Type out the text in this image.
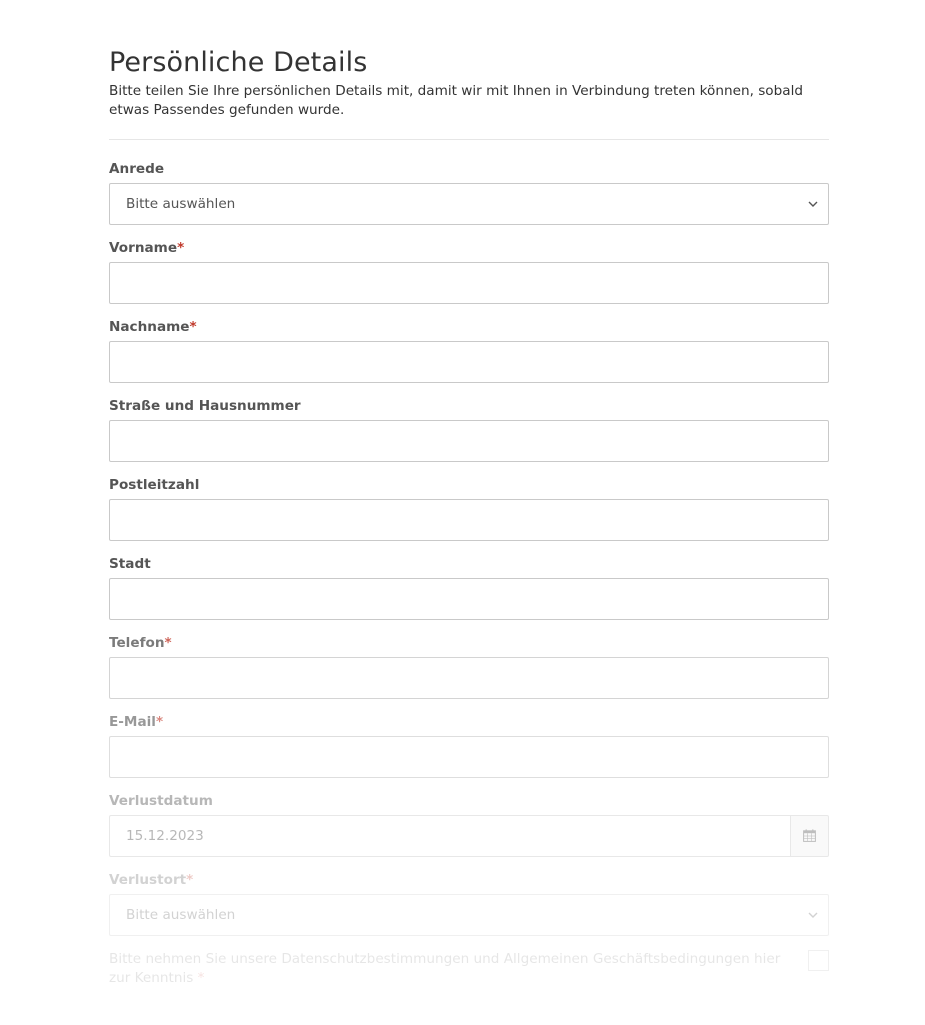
Persönliche Details

Bitte teilen Sie Ihre persönlichen Details mit, damit wir mit Ihnen in Verbindung treten können, sobald etwas Passendes gefunden wurde.

Anrede
Bitte auswählen
Vorname*
Nachname*
Straße und Hausnummer
Postleitzahl
Stadt
Telefon*
E-Mail*
Verlustdatum
15.12.2023
Verlustort*
Bitte auswählen
Bitte nehmen Sie unsere Datenschutzbestimmungen und Allgemeinen Geschäftsbedingungen hier zur Kenntnis *
